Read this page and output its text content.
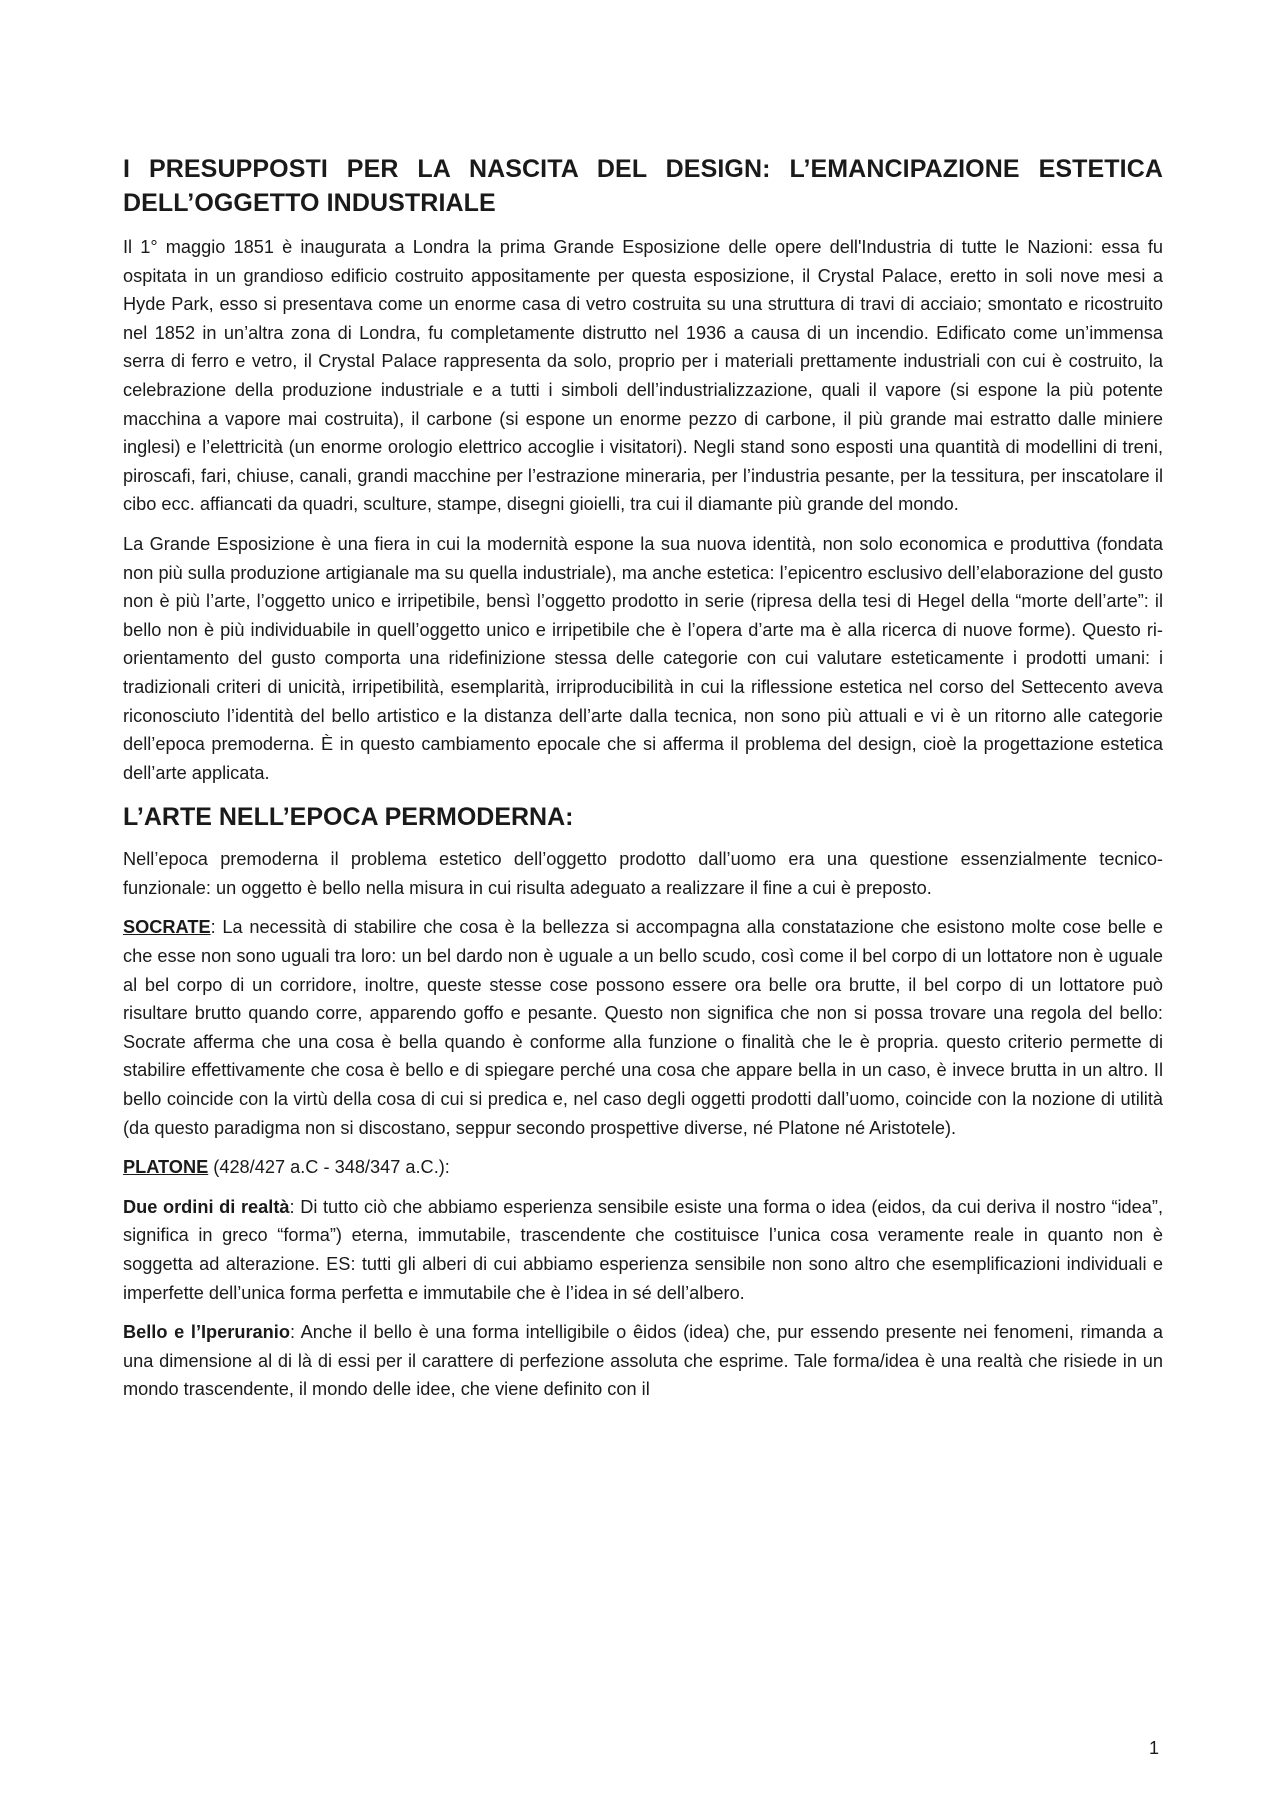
I PRESUPPOSTI PER LA NASCITA DEL DESIGN: L’EMANCIPAZIONE ESTETICA DELL’OGGETTO INDUSTRIALE

Il 1° maggio 1851 è inaugurata a Londra la prima Grande Esposizione delle opere dell'Industria di tutte le Nazioni: essa fu ospitata in un grandioso edificio costruito appositamente per questa esposizione, il Crystal Palace, eretto in soli nove mesi a Hyde Park, esso si presentava come un enorme casa di vetro costruita su una struttura di travi di acciaio; smontato e ricostruito nel 1852 in un’altra zona di Londra, fu completamente distrutto nel 1936 a causa di un incendio. Edificato come un’immensa serra di ferro e vetro, il Crystal Palace rappresenta da solo, proprio per i materiali prettamente industriali con cui è costruito, la celebrazione della produzione industriale e a tutti i simboli dell’industrializzazione, quali il vapore (si espone la più potente macchina a vapore mai costruita), il carbone (si espone un enorme pezzo di carbone, il più grande mai estratto dalle miniere inglesi) e l’elettricità (un enorme orologio elettrico accoglie i visitatori). Negli stand sono esposti una quantità di modellini di treni, piroscafi, fari, chiuse, canali, grandi macchine per l’estrazione mineraria, per l’industria pesante, per la tessitura, per inscatolare il cibo ecc. affiancati da quadri, sculture, stampe, disegni gioielli, tra cui il diamante più grande del mondo.

La Grande Esposizione è una fiera in cui la modernità espone la sua nuova identità, non solo economica e produttiva (fondata non più sulla produzione artigianale ma su quella industriale), ma anche estetica: l’epicentro esclusivo dell’elaborazione del gusto non è più l’arte, l’oggetto unico e irripetibile, bensì l’oggetto prodotto in serie (ripresa della tesi di Hegel della “morte dell’arte”: il bello non è più individuabile in quell’oggetto unico e irripetibile che è l’opera d’arte ma è alla ricerca di nuove forme). Questo ri-orientamento del gusto comporta una ridefinizione stessa delle categorie con cui valutare esteticamente i prodotti umani: i tradizionali criteri di unicità, irripetibilità, esemplarità, irriproducibilità in cui la riflessione estetica nel corso del Settecento aveva riconosciuto l’identità del bello artistico e la distanza dell’arte dalla tecnica, non sono più attuali e vi è un ritorno alle categorie dell’epoca premoderna. È in questo cambiamento epocale che si afferma il problema del design, cioè la progettazione estetica dell’arte applicata.

L’ARTE NELL’EPOCA PERMODERNA:

Nell’epoca premoderna il problema estetico dell’oggetto prodotto dall’uomo era una questione essenzialmente tecnico-funzionale: un oggetto è bello nella misura in cui risulta adeguato a realizzare il fine a cui è preposto.

SOCRATE: La necessità di stabilire che cosa è la bellezza si accompagna alla constatazione che esistono molte cose belle e che esse non sono uguali tra loro: un bel dardo non è uguale a un bello scudo, così come il bel corpo di un lottatore non è uguale al bel corpo di un corridore, inoltre, queste stesse cose possono essere ora belle ora brutte, il bel corpo di un lottatore può risultare brutto quando corre, apparendo goffo e pesante. Questo non significa che non si possa trovare una regola del bello: Socrate afferma che una cosa è bella quando è conforme alla funzione o finalità che le è propria. questo criterio permette di stabilire effettivamente che cosa è bello e di spiegare perché una cosa che appare bella in un caso, è invece brutta in un altro. Il bello coincide con la virtù della cosa di cui si predica e, nel caso degli oggetti prodotti dall’uomo, coincide con la nozione di utilità (da questo paradigma non si discostano, seppur secondo prospettive diverse, né Platone né Aristotele).

PLATONE (428/427 a.C - 348/347 a.C.):

Due ordini di realtà: Di tutto ciò che abbiamo esperienza sensibile esiste una forma o idea (eidos, da cui deriva il nostro “idea”, significa in greco “forma”) eterna, immutabile, trascendente che costituisce l’unica cosa veramente reale in quanto non è soggetta ad alterazione. ES: tutti gli alberi di cui abbiamo esperienza sensibile non sono altro che esemplificazioni individuali e imperfette dell’unica forma perfetta e immutabile che è l’idea in sé dell’albero.

Bello e l’Iperuranio: Anche il bello è una forma intelligibile o êidos (idea) che, pur essendo presente nei fenomeni, rimanda a una dimensione al di là di essi per il carattere di perfezione assoluta che esprime. Tale forma/idea è una realtà che risiede in un mondo trascendente, il mondo delle idee, che viene definito con il

1
